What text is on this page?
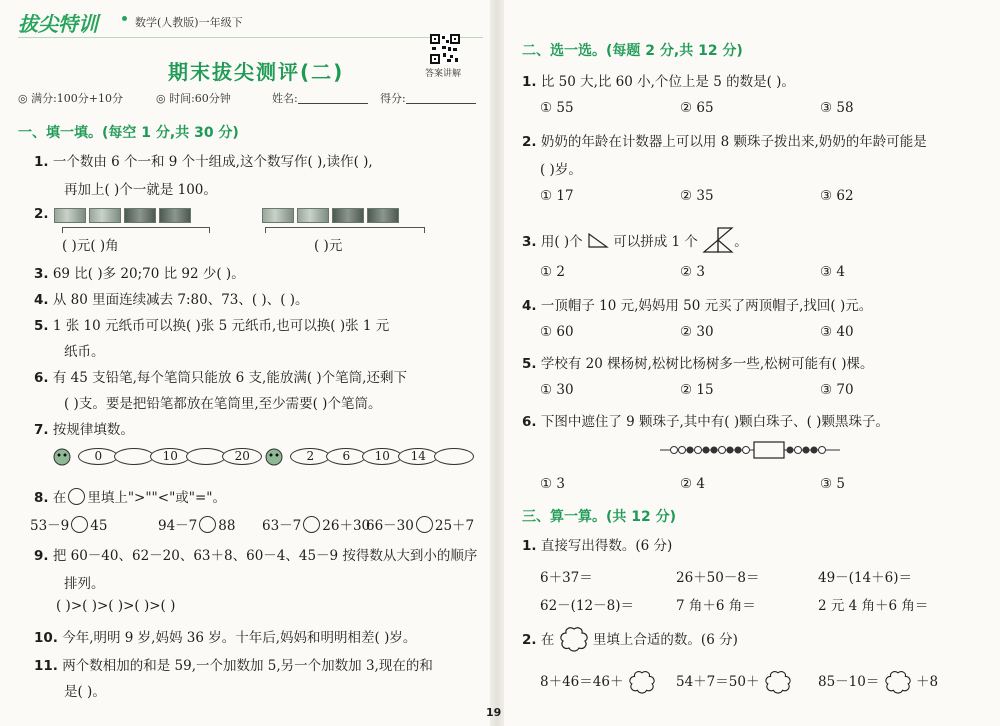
拔尖特训	数学(人教版)一年级下
期末拔尖测评(二)	答案讲解
◎ 满分:100分+10分	◎ 时间:60分钟	姓名:	得分:
一、填一填。(每空 1 分,共 30 分)
1. 一个数由 6 个一和 9 个十组成,这个数写作( ),读作( ),
再加上( )个一就是 100。
2.
( )元( )角	( )元
3. 69 比( )多 20;70 比 92 少( )。
4. 从 80 里面连续减去 7:80、73、( )、( )。
5. 1 张 10 元纸币可以换( )张 5 元纸币,也可以换( )张 1 元
纸币。
6. 有 45 支铅笔,每个笔筒只能放 6 支,能放满( )个笔筒,还剩下
( )支。要是把铅笔都放在笔筒里,至少需要( )个笔筒。
7. 按规律填数。
0	10	20	2 6 10 14
8. 在 里填上">""<"或"="。
53－9 45	94－7 88 63－7 26＋30
66－30 25＋7
9. 把 60－40、62－20、63＋8、60－4、45－9 按得数从大到小的顺序
排列。
( )>( )>( )>( )>( )
10. 今年,明明 9 岁,妈妈 36 岁。十年后,妈妈和明明相差( )岁。
11. 两个数相加的和是 59,一个加数加 5,另一个加数加 3,现在的和
是( )。
19
二、选一选。(每题 2 分,共 12 分)
1. 比 50 大,比 60 小,个位上是 5 的数是( )。
① 55	② 65	③ 58
2. 奶奶的年龄在计数器上可以用 8 颗珠子拨出来,奶奶的年龄可能是
( )岁。
① 17	② 35	③ 62
3. 用( )个 可以拼成 1 个	。
① 2	② 3	③ 4
4. 一顶帽子 10 元,妈妈用 50 元买了两顶帽子,找回( )元。
① 60	② 30	③ 40
5. 学校有 20 棵杨树,松树比杨树多一些,松树可能有( )棵。
① 30	② 15	③ 70
6. 下图中遮住了 9 颗珠子,其中有( )颗白珠子、( )颗黑珠子。
① 3	② 4	③ 5
三、算一算。(共 12 分)
1. 直接写出得数。(6 分)
6＋37＝	26＋50－8＝	49－(14＋6)＝
62－(12－8)＝	7 角＋6 角＝	2 元 4 角＋6 角＝
2. 在	里填上合适的数。(6 分)
8＋46＝46＋	54＋7＝50＋	85－10＝	＋8
